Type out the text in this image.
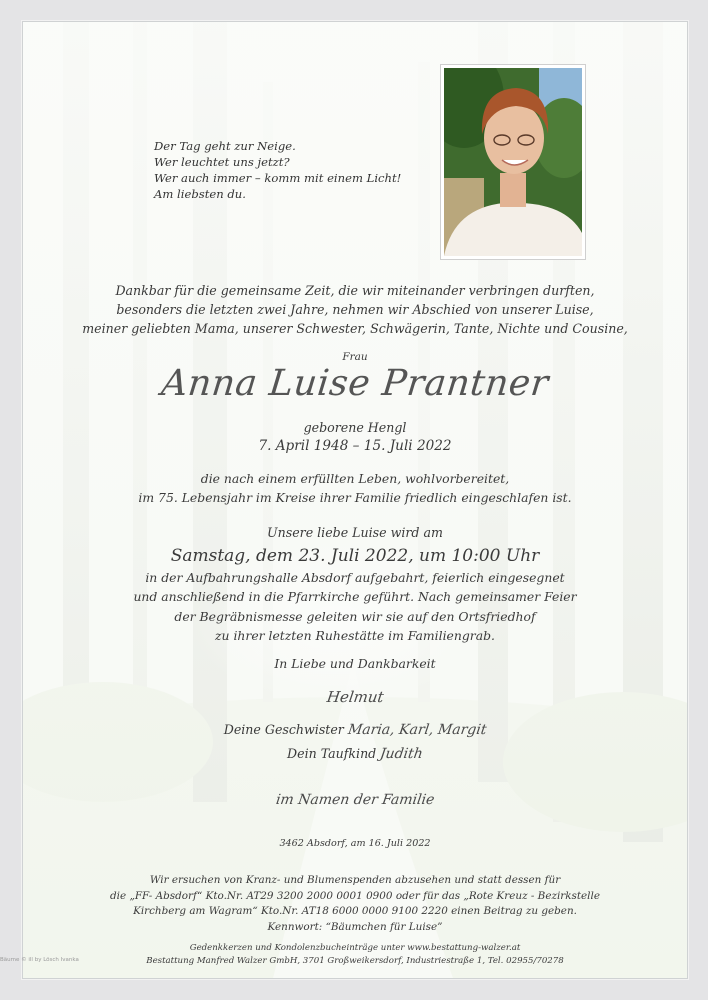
Der Tag geht zur Neige.
Wer leuchtet uns jetzt?
Wer auch immer – komm mit einem Licht!
Am liebsten du.
Dankbar für die gemeinsame Zeit, die wir miteinander verbringen durften,
besonders die letzten zwei Jahre, nehmen wir Abschied von unserer Luise,
meiner geliebten Mama, unserer Schwester, Schwägerin, Tante, Nichte und Cousine,
Frau
Anna Luise Prantner
geborene Hengl
7. April 1948 – 15. Juli 2022
die nach einem erfüllten Leben, wohlvorbereitet,
im 75. Lebensjahr im Kreise ihrer Familie friedlich eingeschlafen ist.
Unsere liebe Luise wird am
Samstag, dem 23. Juli 2022, um 10:00 Uhr
in der Aufbahrungshalle Absdorf aufgebahrt, feierlich eingesegnet
und anschließend in die Pfarrkirche geführt. Nach gemeinsamer Feier
der Begräbnismesse geleiten wir sie auf den Ortsfriedhof
zu ihrer letzten Ruhestätte im Familiengrab.
In Liebe und Dankbarkeit
Helmut
Deine Geschwister Maria, Karl, Margit
Dein Taufkind Judith
im Namen der Familie
3462 Absdorf, am 16. Juli 2022
Wir ersuchen von Kranz- und Blumenspenden abzusehen und statt dessen für
die „FF- Absdorf“ Kto.Nr. AT29 3200 2000 0001 0900 oder für das „Rote Kreuz - Bezirkstelle
Kirchberg am Wagram“ Kto.Nr. AT18 6000 0000 9100 2220 einen Beitrag zu geben.
Kennwort: “Bäumchen für Luise”
Gedenkkerzen und Kondolenzbucheinträge unter www.bestattung-walzer.at
Bestattung Manfred Walzer GmbH, 3701 Großweikersdorf, Industriestraße 1, Tel. 02955/70278
Bäume © ill by Lösch Ivanka
